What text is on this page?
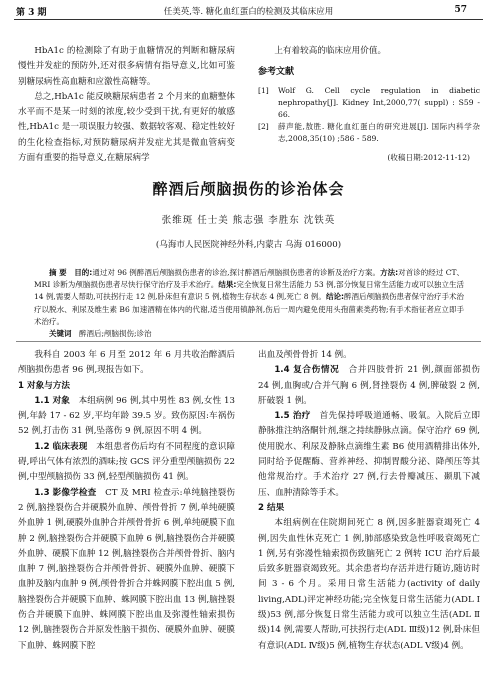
第 3 期	任美英,等. 糖化血红蛋白的检测及其临床应用	57

HbA1c 的检测除了有助于血糖情况的判断和糖尿病慢性并发症的预防外,还对很多病情有指导意义,比如可鉴别糖尿病性高血糖和应激性高糖等。

总之,HbA1c 能反映糖尿病患者 2 个月来的血糖整体水平而不是某一时刻的浓度,较少受到干扰,有更好的敏感性,HbA1c 是一项误服力较强、数据较客观、稳定性较好的生化检查指标,对预防糖尿病并发症尤其是微血管病变方面有重要的指导意义,在糖尿病学

上有着较高的临床应用价值。

参考文献
[1]	Wolf G. Cell cycle regulation in diabetic nephropathy[J]. Kidney Int,2000,77( suppl) : S59 - 66.
[2]	薛声能,敖胜. 糖化血红蛋白的研究进展[J]. 国际内科学杂志,2008,35(10) ;586 - 589.
(收稿日期:2012-11-12)
醉酒后颅脑损伤的诊治体会
张维斑 任士美 熊志强 李胜东 沈铁英
(乌海市人民医院神经外科,内蒙古 乌海 016000)

摘 要　 目的:通过对 96 例醉酒后颅脑损伤患者的诊治,探讨醉酒后颅脑损伤患者的诊断及治疗方案。方法:对首诊的经过 CT、MRI 诊断为颅脑损伤患者尽快行保守治疗及手术治疗。结果:完全恢复日常生活能力 53 例,部分恢复日常生活能力或可以独立生活 14 例,需要人帮助,可扶拐行走 12 例,卧床但有意识 5 例,植物生存状态 4 例,死亡 8 例。结论:醉酒后颅脑损伤患者保守治疗手术治疗以脱水、利尿及维生素 B6 加速酒精在体内的代谢,适当使用镇静剂,伤后一周内避免使用头孢菌素类药物;有手术指征者应立即手术治疗。

关键词　 醉酒后;颅脑损伤;诊治

我科自 2003 年 6 月至 2012 年 6 月共收治醉酒后颅脑损伤患者 96 例,现报告如下。

1 对象与方法

1.1 对象　 本组病例 96 例,其中男性 83 例,女性 13 例,年龄 17 - 62 岁,平均年龄 39.5 岁。致伤原因:车祸伤 52 例,打击伤 31 例,坠落伤 9 例,原因不明 4 例。

1.2 临床表现　 本组患者伤后均有不同程度的意识障碍,呼出气体有浓烈的酒味;按 GCS 评分重型颅脑损伤 22 例,中型颅脑损伤 33 例,轻型颅脑损伤 41 例。

1.3 影像学检查　 CT 及 MRI 检查示:单纯脑挫裂伤 2 例,脑挫裂伤合并硬膜外血肿、颅骨骨折 7 例,单纯硬膜外血肿 1 例,硬膜外血肿合并颅骨骨折 6 例,单纯硬膜下血肿 2 例,脑挫裂伤合并硬膜下血肿 6 例,脑挫裂伤合并硬膜外血肿、硬膜下血肿 12 例,脑挫裂伤合并颅骨骨折、脑内血肿 7 例,脑挫裂伤合并颅骨骨折、硬膜外血肿、硬膜下血肿及脑内血肿 9 例,颅骨骨折合并蛛网膜下腔出血 5 例,脑挫裂伤合并硬膜下血肿、蛛网膜下腔出血 13 例,脑挫裂伤合并硬膜下血肿、蛛网膜下腔出血及弥漫性轴索损伤 12 例,脑挫裂伤合并原发性脑干损伤、硬膜外血肿、硬膜下血肿、蛛网膜下腔

出血及颅骨骨折 14 例。

1.4 复合伤情况　 合并四肢骨折 21 例,颜面部损伤 24 例,血胸或/合并气胸 6 例,肾挫裂伤 4 例,脾破裂 2 例,肝破裂 1 例。

1.5 治疗　 首先保持呼吸道通畅、吸氧。入院后立即静脉推注纳洛酮针剂,继之持续静脉点滴。保守治疗 69 例,使用脱水、利尿及静脉点滴维生素 B6 使用酒精排出体外,同时给予促醒酶、营养神经、抑制胃酸分泌、降颅压等其他常规治疗。手术治疗 27 例,行去骨瓣减压、颞肌下减压、血肿清除等手术。

2 结果

本组病例在住院期间死亡 8 例,因多脏器衰竭死亡 4 例,因失血性休克死亡 1 例,肺部感染致急性呼吸衰竭死亡 1 例,另有弥漫性轴索损伤致脑死亡 2 例转 ICU 治疗后最后致多脏器衰竭致死。其余患者均存活并进行随访,随访时间 3 - 6 个月。采用日常生活能力(activity of daily living,ADL)评定神经功能;完全恢复日常生活能力(ADL Ⅰ级)53 例,部分恢复日常生活能力或可以独立生活(ADL Ⅱ级)14 例,需要人帮助,可扶拐行走(ADL Ⅲ级)12 例,卧床但有意识(ADL Ⅳ级)5 例,植物生存状态(ADL Ⅴ级)4 例。
